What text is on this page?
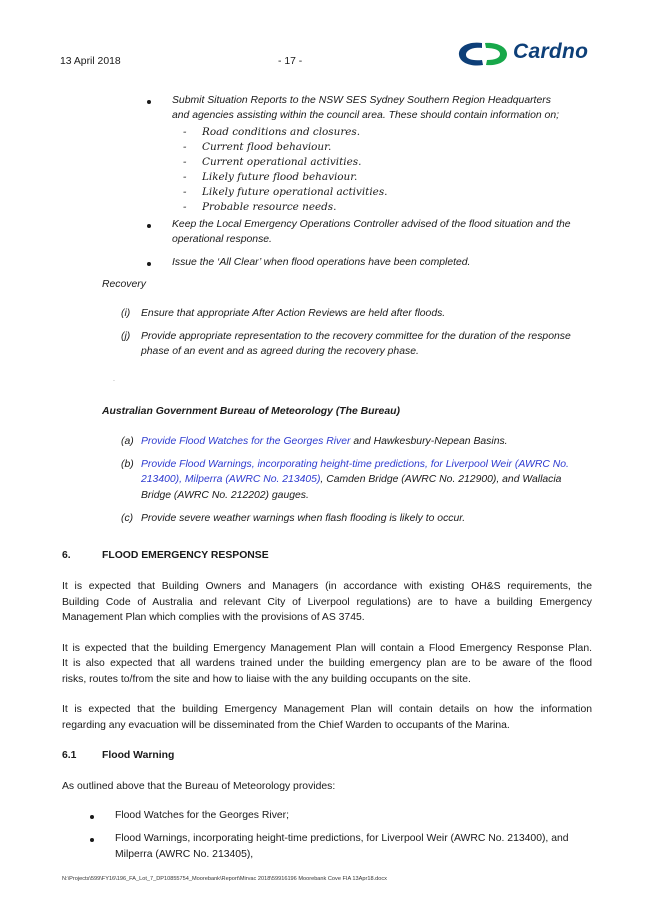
13 April 2018	- 17 -	Cardno
Submit Situation Reports to the NSW SES Sydney Southern Region Headquarters
and agencies assisting within the council area. These should contain information on;
- Road conditions and closures.
- Current flood behaviour.
- Current operational activities.
- Likely future flood behaviour.
- Likely future operational activities.
- Probable resource needs.
Keep the Local Emergency Operations Controller advised of the flood situation and the
operational response.
Issue the ‘All Clear’ when flood operations have been completed.
Recovery
(i) Ensure that appropriate After Action Reviews are held after floods.
(j) Provide appropriate representation to the recovery committee for the duration of the response
phase of an event and as agreed during the recovery phase.
.
Australian Government Bureau of Meteorology (The Bureau)
(a) Provide Flood Watches for the Georges River and Hawkesbury-Nepean Basins.
(b) Provide Flood Warnings, incorporating height-time predictions, for Liverpool Weir (AWRC No.
213400), Milperra (AWRC No. 213405), Camden Bridge (AWRC No. 212900), and Wallacia
Bridge (AWRC No. 212202) gauges.
(c) Provide severe weather warnings when flash flooding is likely to occur.
6.	FLOOD EMERGENCY RESPONSE
It is expected that Building Owners and Managers (in accordance with existing OH&S requirements, the
Building Code of Australia and relevant City of Liverpool regulations) are to have a building Emergency
Management Plan which complies with the provisions of AS 3745.
It is expected that the building Emergency Management Plan will contain a Flood Emergency Response Plan.
It is also expected that all wardens trained under the building emergency plan are to be aware of the flood
risks, routes to/from the site and how to liaise with the any building occupants on the site.
It is expected that the building Emergency Management Plan will contain details on how the information
regarding any evacuation will be disseminated from the Chief Warden to occupants of the Marina.
6.1 Flood Warning
As outlined above that the Bureau of Meteorology provides:
Flood Watches for the Georges River;
Flood Warnings, incorporating height-time predictions, for Liverpool Weir (AWRC No. 213400), and
Milperra (AWRC No. 213405),
N:\Projects\599\FY16\196_FA_Lot_7_DP10855754_Moorebank\Report\Mirvac 2018\59916196 Moorebank Cove FIA 13Apr18.docx
